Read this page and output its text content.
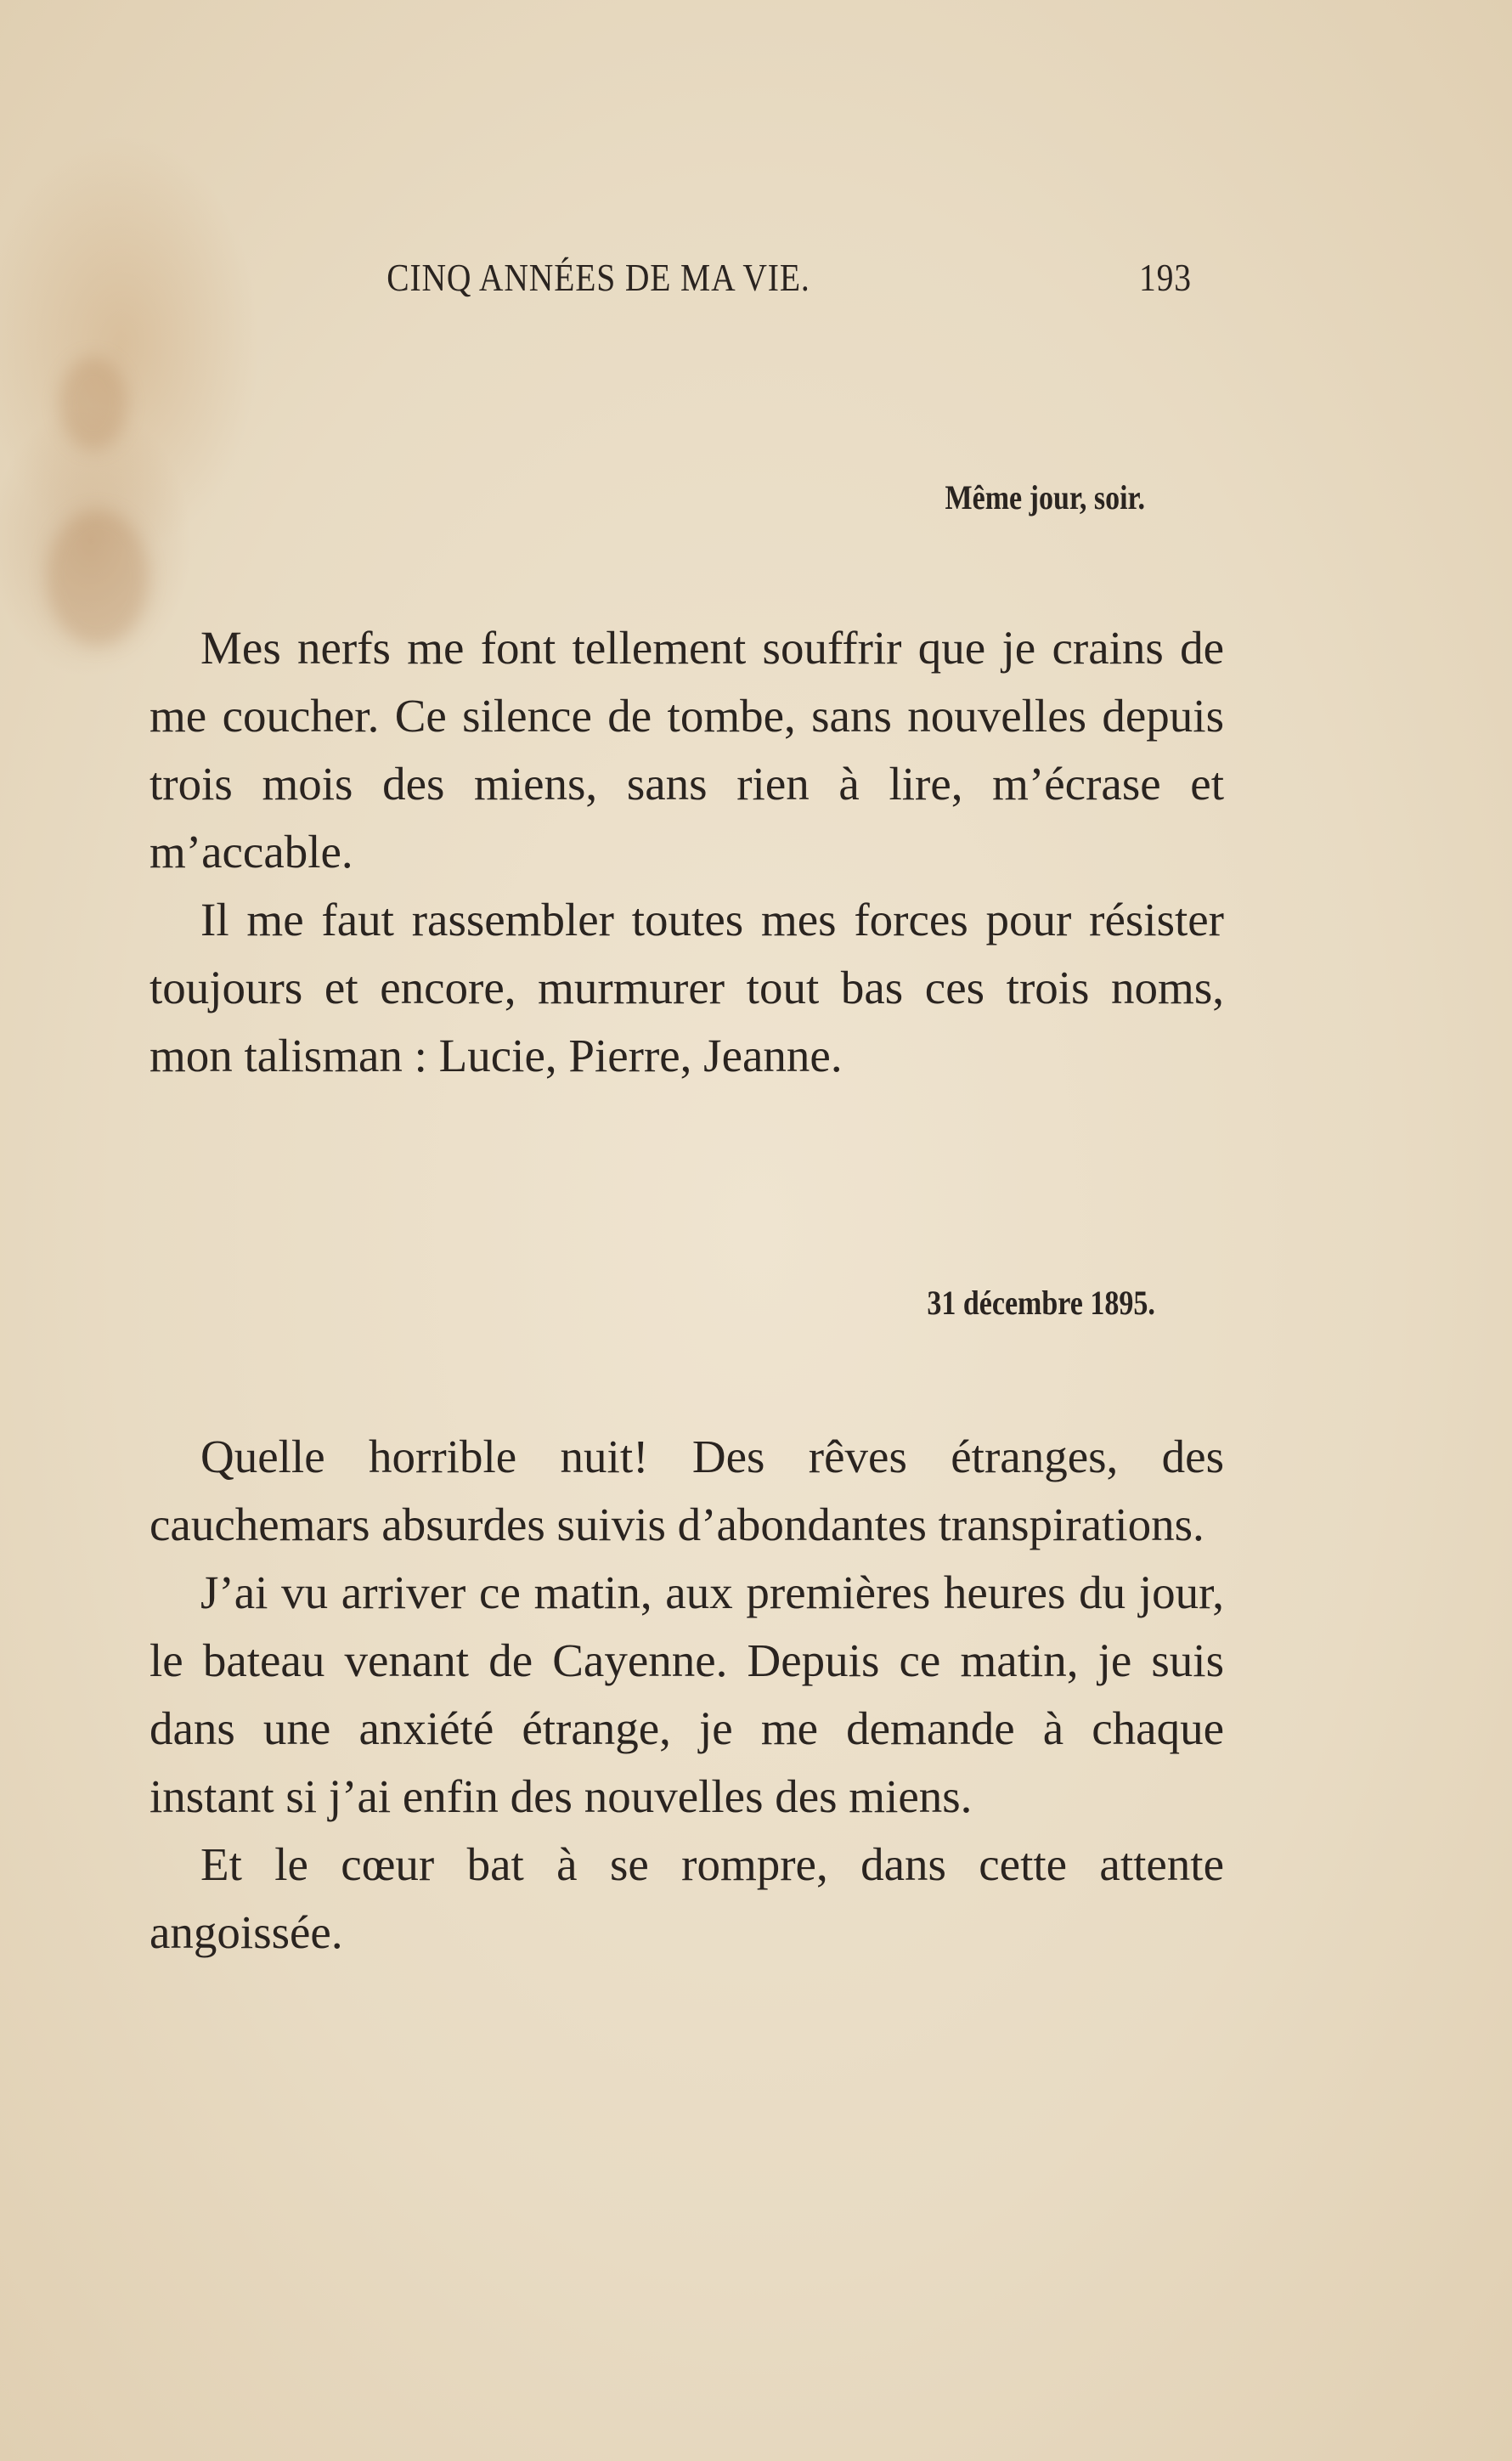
CINQ ANNÉES DE MA VIE.	193
Même jour, soir.

Mes nerfs me font tellement souffrir que je crains de me coucher. Ce silence de tombe, sans nouvelles depuis trois mois des miens, sans rien à lire, m’écrase et m’accable.

Il me faut rassembler toutes mes forces pour résister toujours et encore, murmurer tout bas ces trois noms, mon talisman : Lucie, Pierre, Jeanne.

31 décembre 1895.

Quelle horrible nuit! Des rêves étranges, des cauchemars absurdes suivis d’abondantes transpirations.

J’ai vu arriver ce matin, aux premières heures du jour, le bateau venant de Cayenne. Depuis ce matin, je suis dans une anxiété étrange, je me demande à chaque instant si j’ai enfin des nouvelles des miens.

Et le cœur bat à se rompre, dans cette attente angoissée.
